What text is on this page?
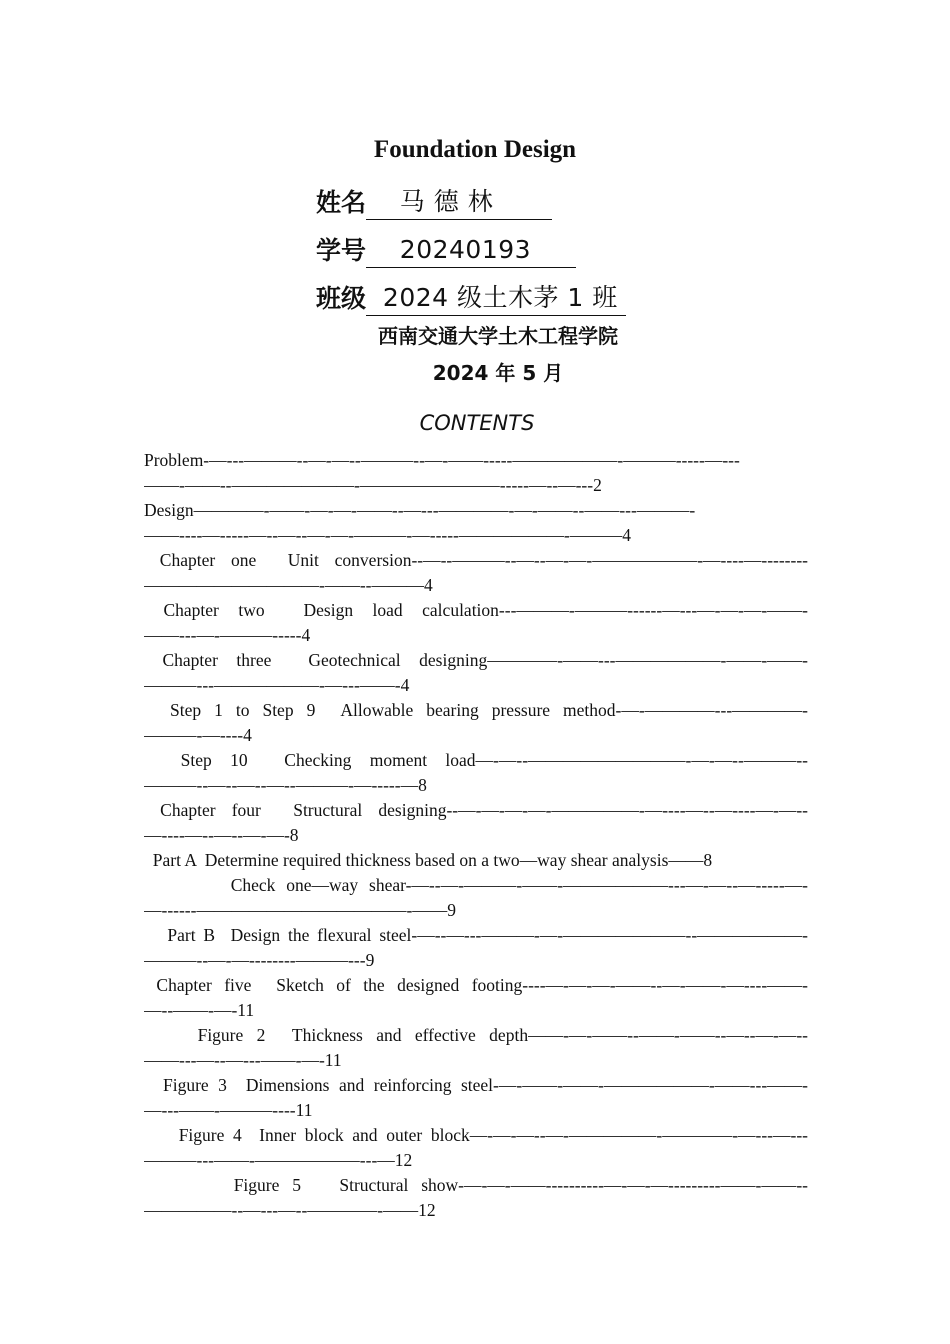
Foundation Design
姓名 马 德 林
学号 20240193
班级 2024 级土木茅 1 班
西南交通大学土木工程学院
2024 年 5 月
CONTENTS
Problem-—---———--—-—--———--—-——-----——————-———-----—---
——-——--———————-————————-----—--—---2
Design————-——-—-—-——--—---————-—-——--——---———-
——----—-----—--—--—-—-———-—-----——————-———4
Chapter one  Unit conversion--—--———--—--—-—-——————-—----—--------
——————————-——--———4
Chapter two  Design load calculation---———-———------—---—-—-—-——-
——---—-———-----4
Chapter three  Geotechnical designing————-——---——————-——-——-
———---——————-—---——-4
Step 1 to Step 9  Allowable bearing pressure method-—-————---————-
———-—----4
Step 10  Checking moment load—-—--—————————-—-—--———--
———--—--—--—--———-—-----—8
Chapter four  Structural designing--—-—-—-—-—————-—----—--—----—-—--
—----—--—--—-—-8
Part A  Determine required thickness based on a two—way shear analysis——8
Check one—way shear-—--—-———-——-——————---—-—--—-----—-
—------————————————-——9
Part B  Design the flexural steel-—--—---———-—-———————--——————-
———--—-—--------———---9
Chapter five  Sketch of the designed footing----—-—-—-——--—-——-—----——-
—--——-—-11
Figure 2  Thickness and effective depth——-—-——--——-——--—--—-—--
——---—--—---——-—-11
Figure 3  Dimensions and reinforcing steel-—-——-——-——————-——---——-
—---——-———----11
Figure 4  Inner block and outer block—-—-—--—-—————-————-—---—---
———---——-——————---—12
Figure 5   Structural show-—-—-——----------—-—-—---------——-——--
—————--—---—--————-——12
